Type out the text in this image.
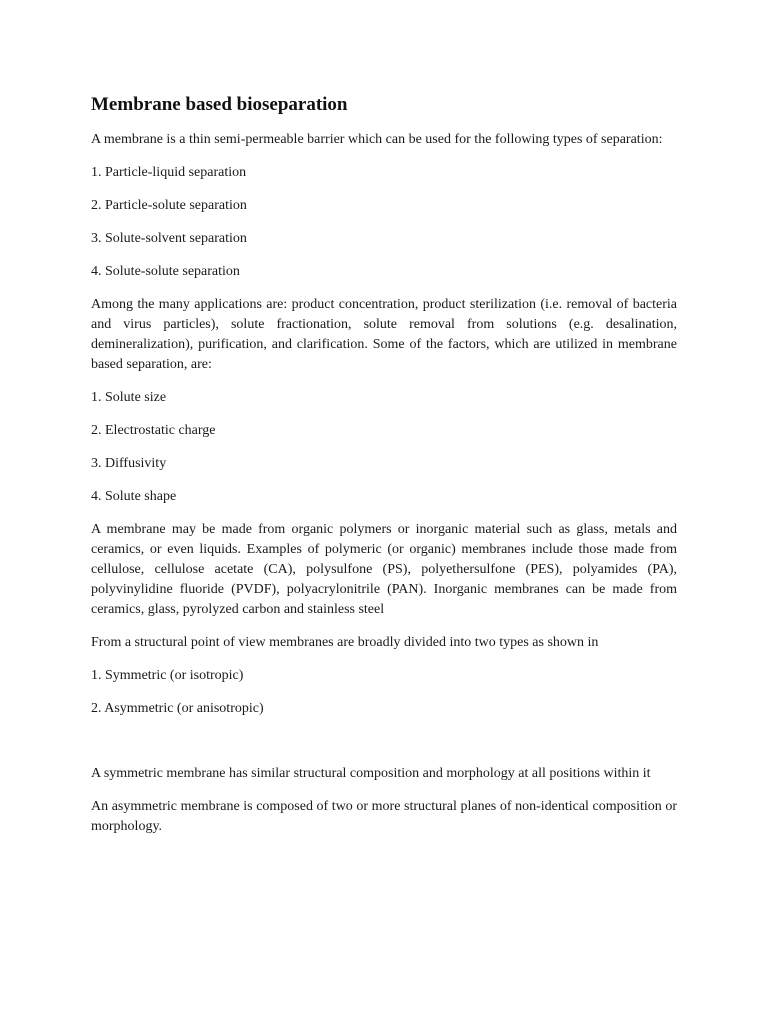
Membrane based bioseparation

A membrane is a thin semi-permeable barrier which can be used for the following types of separation:

1. Particle-liquid separation

2. Particle-solute separation

3. Solute-solvent separation

4. Solute-solute separation

Among the many applications are: product concentration, product sterilization (i.e. removal of bacteria and virus particles), solute fractionation, solute removal from solutions (e.g. desalination, demineralization), purification, and clarification. Some of the factors, which are utilized in membrane based separation, are:

1. Solute size

2. Electrostatic charge

3. Diffusivity

4. Solute shape

A membrane may be made from organic polymers or inorganic material such as glass, metals and ceramics, or even liquids. Examples of polymeric (or organic) membranes include those made from cellulose, cellulose acetate (CA), polysulfone (PS), polyethersulfone (PES), polyamides (PA), polyvinylidine fluoride (PVDF), polyacrylonitrile (PAN). Inorganic membranes can be made from ceramics, glass, pyrolyzed carbon and stainless steel

From a structural point of view membranes are broadly divided into two types as shown in

1. Symmetric (or isotropic)

2. Asymmetric (or anisotropic)

A symmetric membrane has similar structural composition and morphology at all positions within it

An asymmetric membrane is composed of two or more structural planes of non-identical composition or morphology.
